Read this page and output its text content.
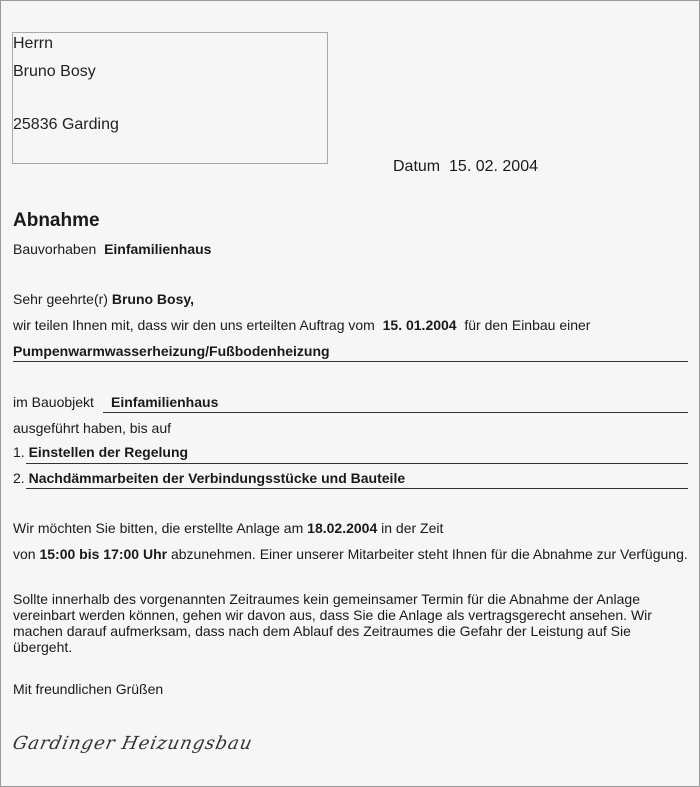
Herrn
Bruno Bosy
25836 Garding
Datum 15. 02. 2004
Abnahme
Bauvorhaben Einfamilienhaus
Sehr geehrte(r) Bruno Bosy,
wir teilen Ihnen mit, dass wir den uns erteilten Auftrag vom 15. 01.2004 für den Einbau einer
Pumpenwarmwasserheizung/Fußbodenheizung
im Bauobjekt Einfamilienhaus
ausgeführt haben, bis auf
1. Einstellen der Regelung
2. Nachdämmarbeiten der Verbindungsstücke und Bauteile
Wir möchten Sie bitten, die erstellte Anlage am 18.02.2004 in der Zeit
von 15:00 bis 17:00 Uhr abzunehmen. Einer unserer Mitarbeiter steht Ihnen für die Abnahme zur Verfügung.
Sollte innerhalb des vorgenannten Zeitraumes kein gemeinsamer Termin für die Abnahme der Anlage vereinbart werden können, gehen wir davon aus, dass Sie die Anlage als vertragsgerecht ansehen. Wir machen darauf aufmerksam, dass nach dem Ablauf des Zeitraumes die Gefahr der Leistung auf Sie übergeht.
Mit freundlichen Grüßen
Gardinger Heizungsbau
